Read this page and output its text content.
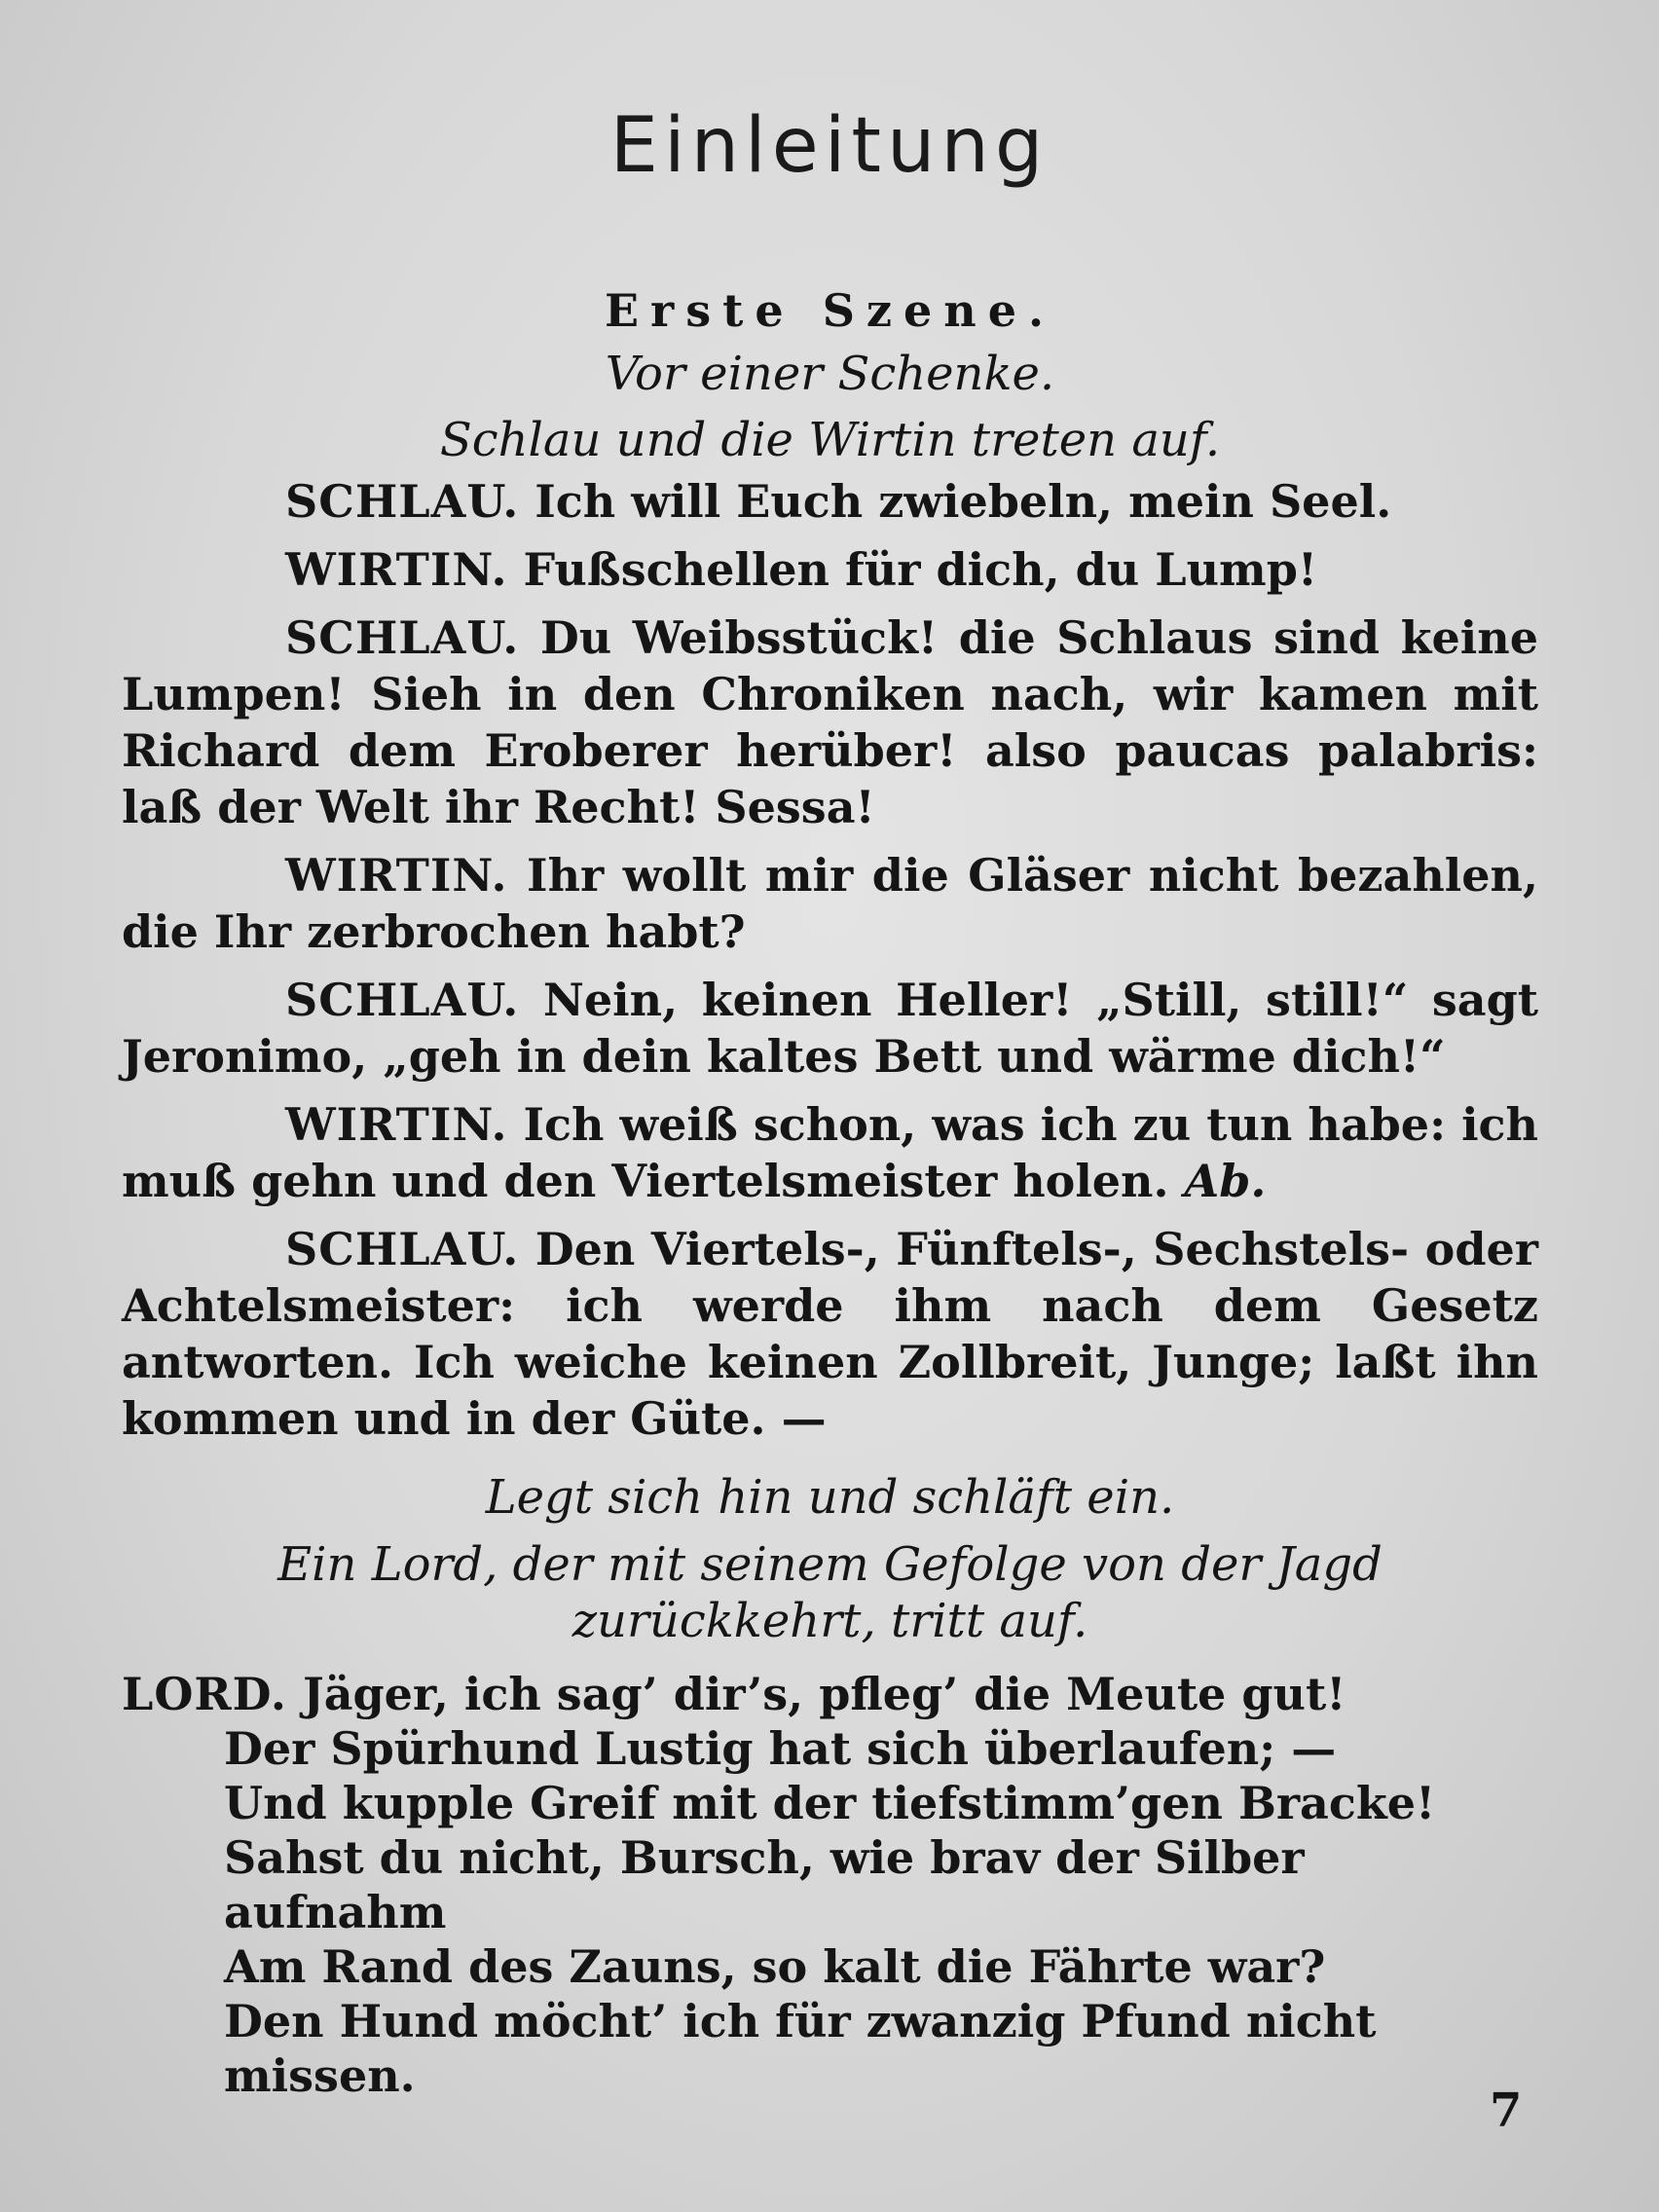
Einleitung

Erste Szene.

Vor einer Schenke.

Schlau und die Wirtin treten auf.

SCHLAU. Ich will Euch zwiebeln, mein Seel.

WIRTIN. Fußschellen für dich, du Lump!

SCHLAU. Du Weibsstück! die Schlaus sind keine Lumpen! Sieh in den Chroniken nach, wir kamen mit Richard dem Eroberer herüber! also paucas palabris: laß der Welt ihr Recht! Sessa!

WIRTIN. Ihr wollt mir die Gläser nicht bezahlen, die Ihr zerbrochen habt?

SCHLAU. Nein, keinen Heller! „Still, still!“ sagt Jeronimo, „geh in dein kaltes Bett und wärme dich!“

WIRTIN. Ich weiß schon, was ich zu tun habe: ich muß gehn und den Viertelsmeister holen. Ab.

SCHLAU. Den Viertels-, Fünftels-, Sechstels- oder Achtelsmeister: ich werde ihm nach dem Gesetz antworten. Ich weiche keinen Zollbreit, Junge; laßt ihn kommen und in der Güte. —

Legt sich hin und schläft ein.

Ein Lord, der mit seinem Gefolge von der Jagd zurückkehrt, tritt auf.

LORD. Jäger, ich sag’ dir’s, pfleg’ die Meute gut!

Der Spürhund Lustig hat sich überlaufen; —

Und kupple Greif mit der tiefstimm’gen Bracke!

Sahst du nicht, Bursch, wie brav der Silber aufnahm

Am Rand des Zauns, so kalt die Fährte war?

Den Hund möcht’ ich für zwanzig Pfund nicht missen.

7
